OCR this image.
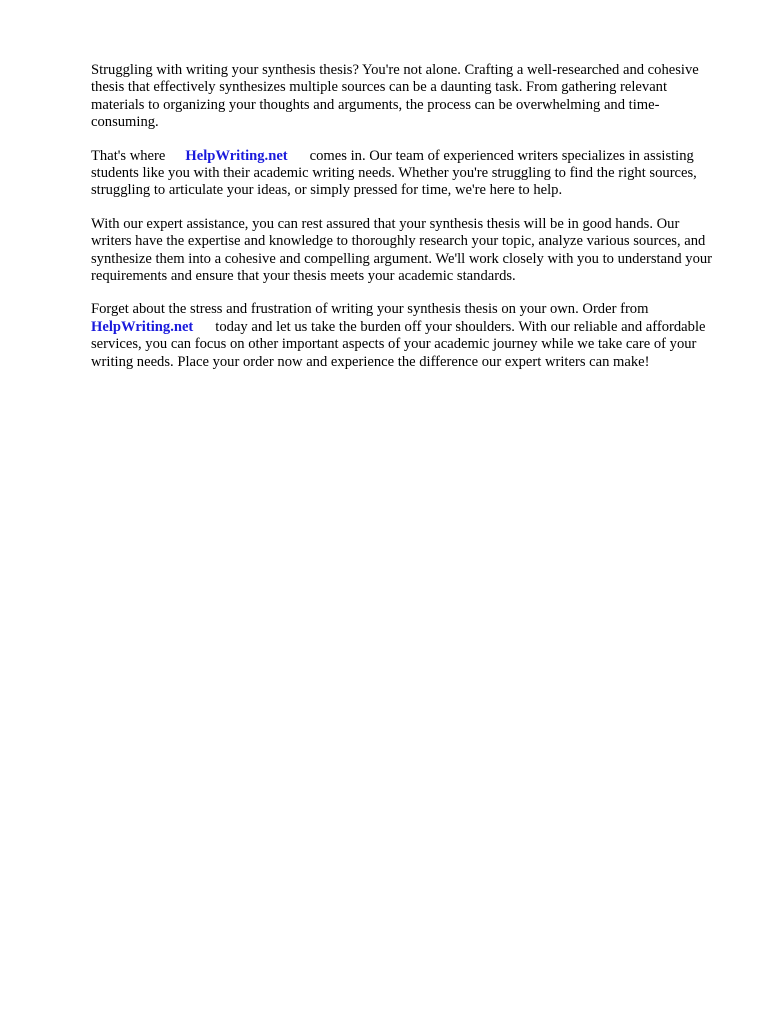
Struggling with writing your synthesis thesis? You're not alone. Crafting a well-researched and cohesive thesis that effectively synthesizes multiple sources can be a daunting task. From gathering relevant materials to organizing your thoughts and arguments, the process can be overwhelming and time-consuming.

That's where HelpWriting.net comes in. Our team of experienced writers specializes in assisting students like you with their academic writing needs. Whether you're struggling to find the right sources, struggling to articulate your ideas, or simply pressed for time, we're here to help.

With our expert assistance, you can rest assured that your synthesis thesis will be in good hands. Our writers have the expertise and knowledge to thoroughly research your topic, analyze various sources, and synthesize them into a cohesive and compelling argument. We'll work closely with you to understand your requirements and ensure that your thesis meets your academic standards.

Forget about the stress and frustration of writing your synthesis thesis on your own. Order from
HelpWriting.net today and let us take the burden off your shoulders. With our reliable and affordable services, you can focus on other important aspects of your academic journey while we take care of your writing needs. Place your order now and experience the difference our expert writers can make!
